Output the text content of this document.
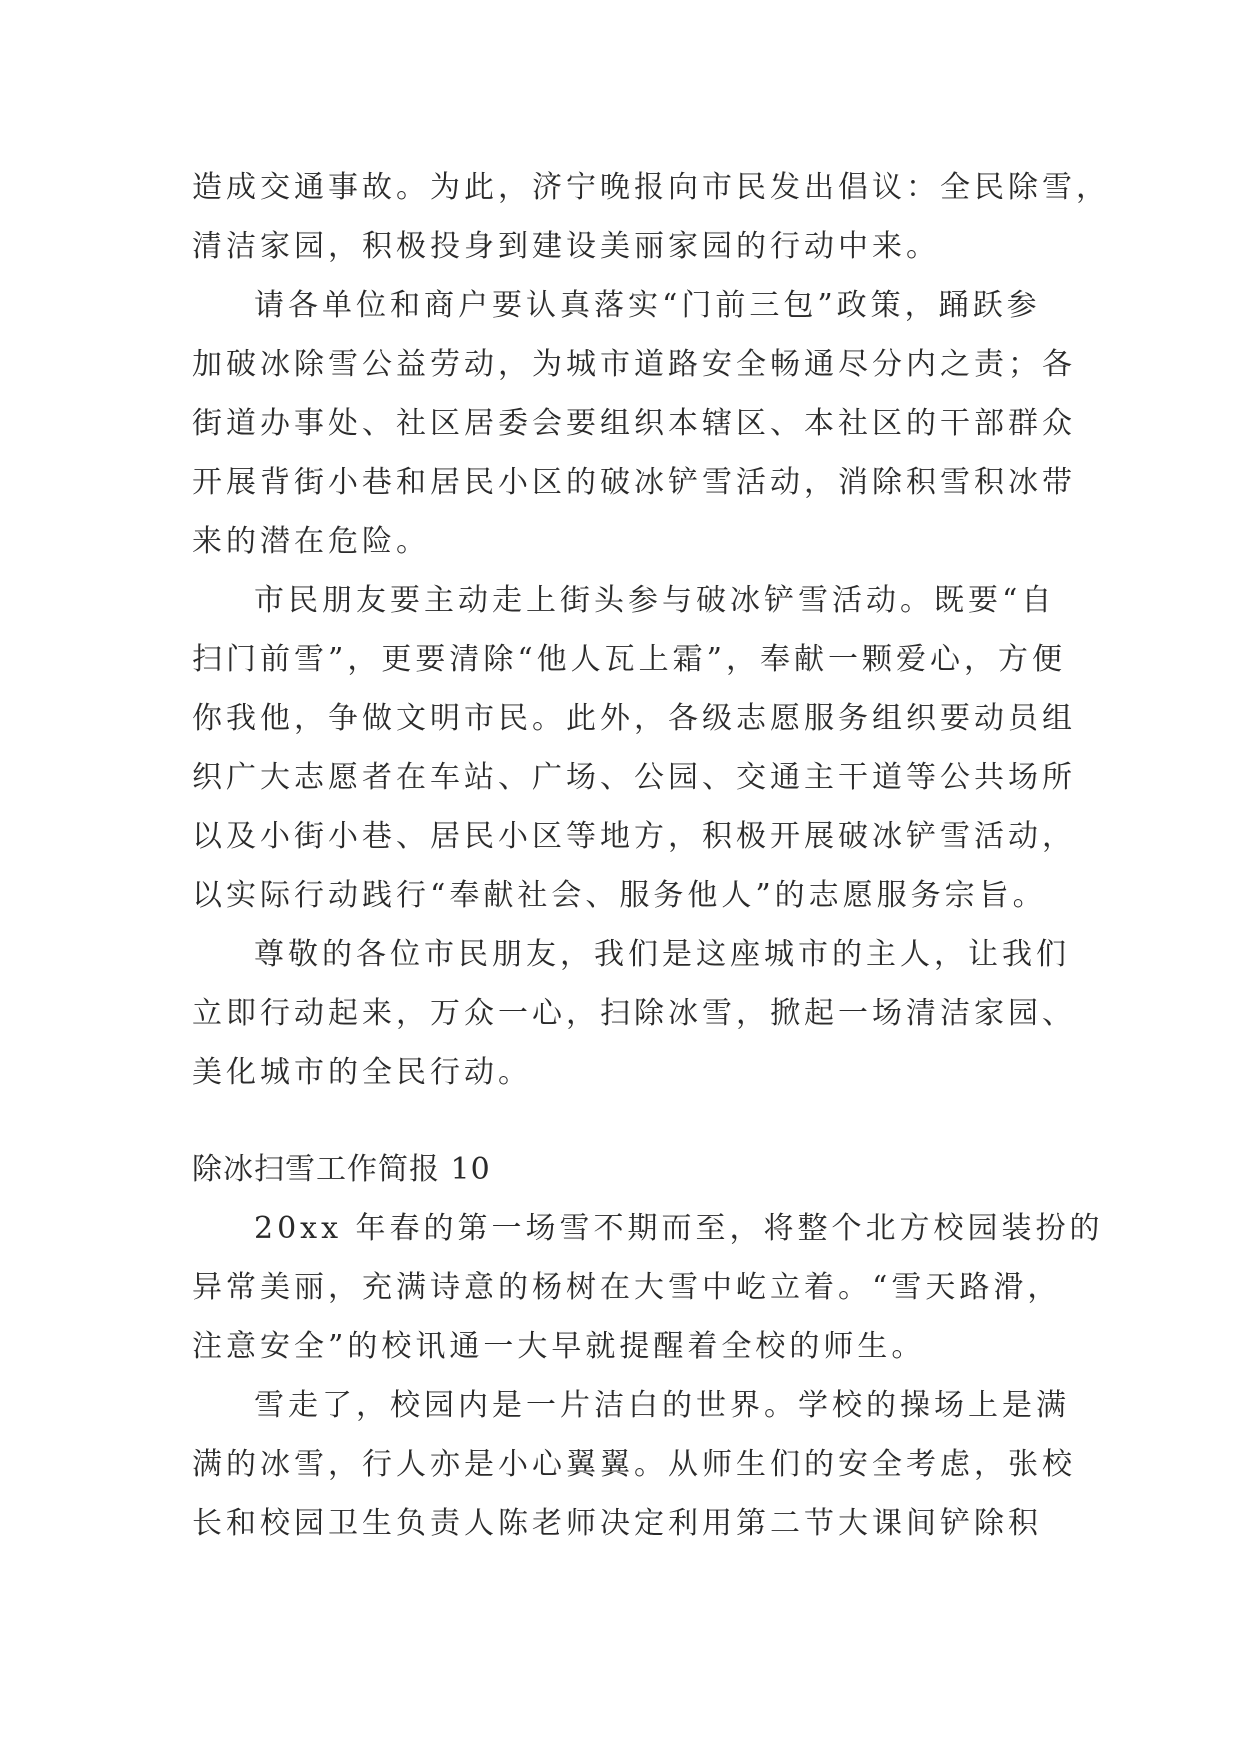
造成交通事故。为此，济宁晚报向市民发出倡议：全民除雪，
清洁家园，积极投身到建设美丽家园的行动中来。
请各单位和商户要认真落实“门前三包”政策，踊跃参
加破冰除雪公益劳动，为城市道路安全畅通尽分内之责；各
街道办事处、社区居委会要组织本辖区、本社区的干部群众
开展背街小巷和居民小区的破冰铲雪活动，消除积雪积冰带
来的潜在危险。
市民朋友要主动走上街头参与破冰铲雪活动。既要“自
扫门前雪”，更要清除“他人瓦上霜”，奉献一颗爱心，方便
你我他，争做文明市民。此外，各级志愿服务组织要动员组
织广大志愿者在车站、广场、公园、交通主干道等公共场所
以及小街小巷、居民小区等地方，积极开展破冰铲雪活动，
以实际行动践行“奉献社会、服务他人”的志愿服务宗旨。
尊敬的各位市民朋友，我们是这座城市的主人，让我们
立即行动起来，万众一心，扫除冰雪，掀起一场清洁家园、
美化城市的全民行动。
除冰扫雪工作简报 10
20xx 年春的第一场雪不期而至，将整个北方校园装扮的
异常美丽，充满诗意的杨树在大雪中屹立着。“雪天路滑，
注意安全”的校讯通一大早就提醒着全校的师生。
雪走了，校园内是一片洁白的世界。学校的操场上是满
满的冰雪，行人亦是小心翼翼。从师生们的安全考虑，张校
长和校园卫生负责人陈老师决定利用第二节大课间铲除积
